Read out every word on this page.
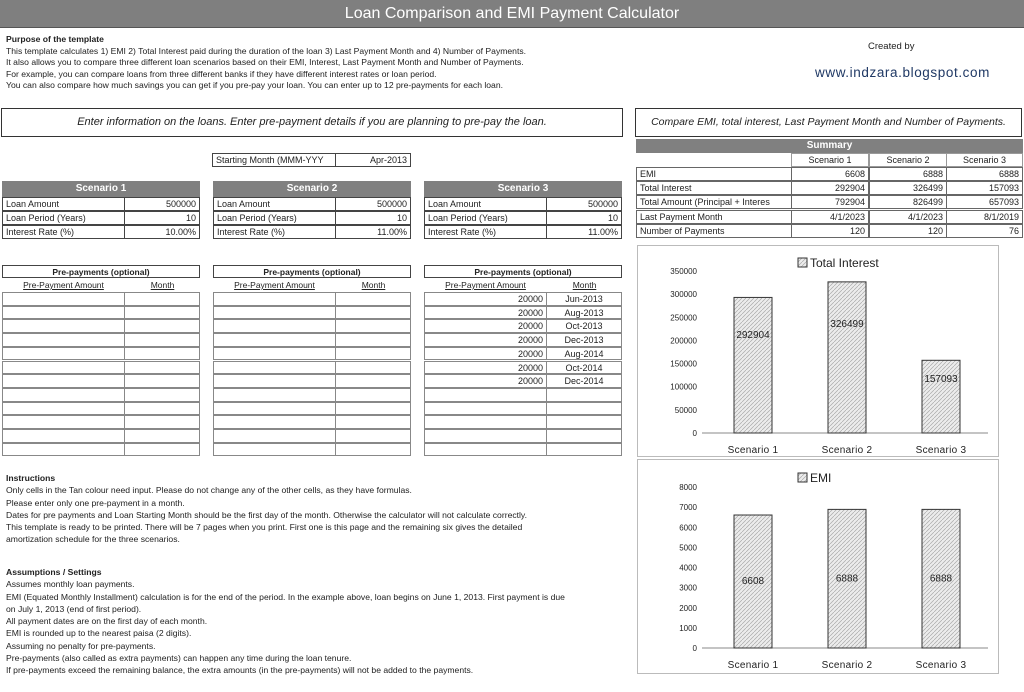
Loan Comparison and EMI Payment Calculator
Purpose of the template
This template calculates 1) EMI 2) Total Interest paid during the duration of the loan 3) Last Payment Month and 4) Number of Payments.
It also allows you to compare three different loan scenarios based on their EMI, Interest, Last Payment Month and Number of Payments.
For example, you can compare loans from three different banks if they have different interest rates or loan period.
You can also compare how much savings you can get if you pre-pay your loan. You can enter up to 12 pre-payments for each loan.
Created by
www.indzara.blogspot.com
Enter information on the loans. Enter pre-payment details if you are planning to pre-pay the loan.	Compare EMI, total interest, Last Payment Month and Number of Payments.
Starting Month (MMM-YYY	Apr-2013
Scenario 1
Loan Amount	500000
Loan Period (Years)	10
Interest Rate (%)	10.00%
Scenario 2
Loan Amount	500000
Loan Period (Years)	10
Interest Rate (%)	11.00%
Scenario 3
Loan Amount	500000
Loan Period (Years)	10
Interest Rate (%)	11.00%
Pre-payments (optional)
Pre-Payment Amount	Month
Pre-payments (optional)
Pre-Payment Amount	Month
Pre-payments (optional)
Pre-Payment Amount	Month
20000	Jun-2013
20000	Aug-2013
20000	Oct-2013
20000	Dec-2013
20000	Aug-2014
20000	Oct-2014
20000	Dec-2014
Summary
Scenario 1	Scenario 2	Scenario 3
EMI	6608	6888	6888
Total Interest	292904	326499	157093
Total Amount (Principal + Interes	792904	826499	657093
Last Payment Month	4/1/2023	4/1/2023	8/1/2019
Number of Payments	120	120	76
Instructions
Only cells in the Tan colour need input. Please do not change any of the other cells, as they have formulas.
Please enter only one pre-payment in a month.
Dates for pre payments and Loan Starting Month should be the first day of the month. Otherwise the calculator will not calculate correctly.
This template is ready to be printed. There will be 7 pages when you print. First one is this page and the remaining six gives the detailed
amortization schedule for the three scenarios.
Assumptions / Settings
Assumes monthly loan payments.
EMI (Equated Monthly Installment) calculation is for the end of the period. In the example above, loan begins on June 1, 2013. First payment is due
on July 1, 2013 (end of first period).
All payment dates are on the first day of each month.
EMI is rounded up to the nearest paisa (2 digits).
Assuming no penalty for pre-payments.
Pre-payments (also called as extra payments) can happen any time during the loan tenure.
If pre-payments exceed the remaining balance, the extra amounts (in the pre-payments) will not be added to the payments.
Total Interest
0
50000
100000
150000
200000
250000
300000
350000
292904
Scenario 1
326499
Scenario 2
157093
Scenario 3
EMI
0
1000
2000
3000
4000
5000
6000
7000
8000
6608
Scenario 1
6888
Scenario 2
6888
Scenario 3
